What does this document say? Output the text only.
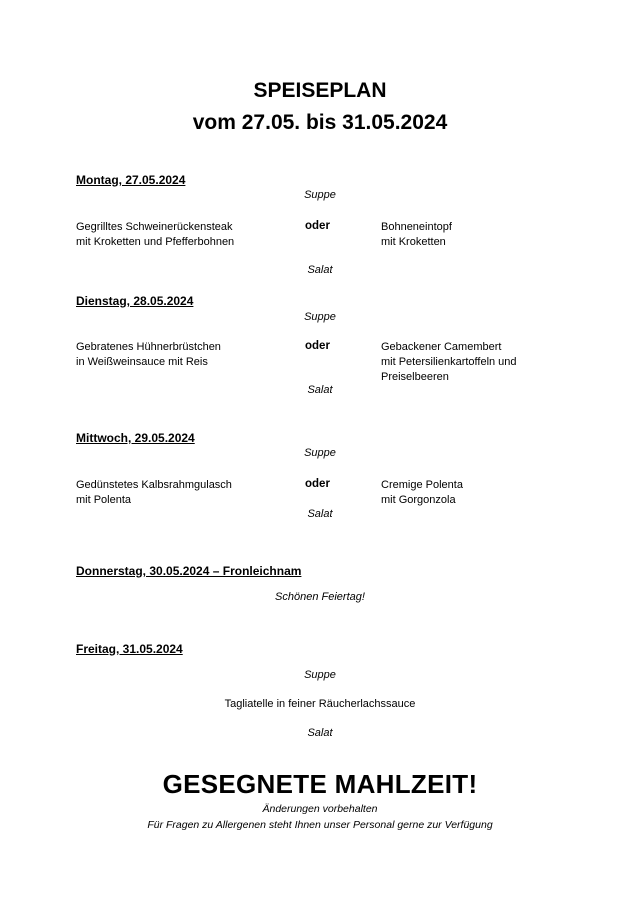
SPEISEPLAN
vom 27.05. bis 31.05.2024
Montag, 27.05.2024
Suppe
Gegrilltes Schweinerückensteak
mit Kroketten und Pfefferbohnen
oder	Bohneneintopf
mit Kroketten
Salat
Dienstag, 28.05.2024
Suppe
Gebratenes Hühnerbrüstchen
in Weißweinsauce mit Reis
oder	Gebackener Camembert
mit Petersilienkartoffeln und
Preiselbeeren
Salat
Mittwoch, 29.05.2024
Suppe
Gedünstetes Kalbsrahmgulasch
mit Polenta
oder	Cremige Polenta
mit Gorgonzola
Salat
Donnerstag, 30.05.2024 – Fronleichnam
Schönen Feiertag!
Freitag, 31.05.2024
Suppe
Tagliatelle in feiner Räucherlachssauce
Salat
GESEGNETE MAHLZEIT!
Änderungen vorbehalten
Für Fragen zu Allergenen steht Ihnen unser Personal gerne zur Verfügung
